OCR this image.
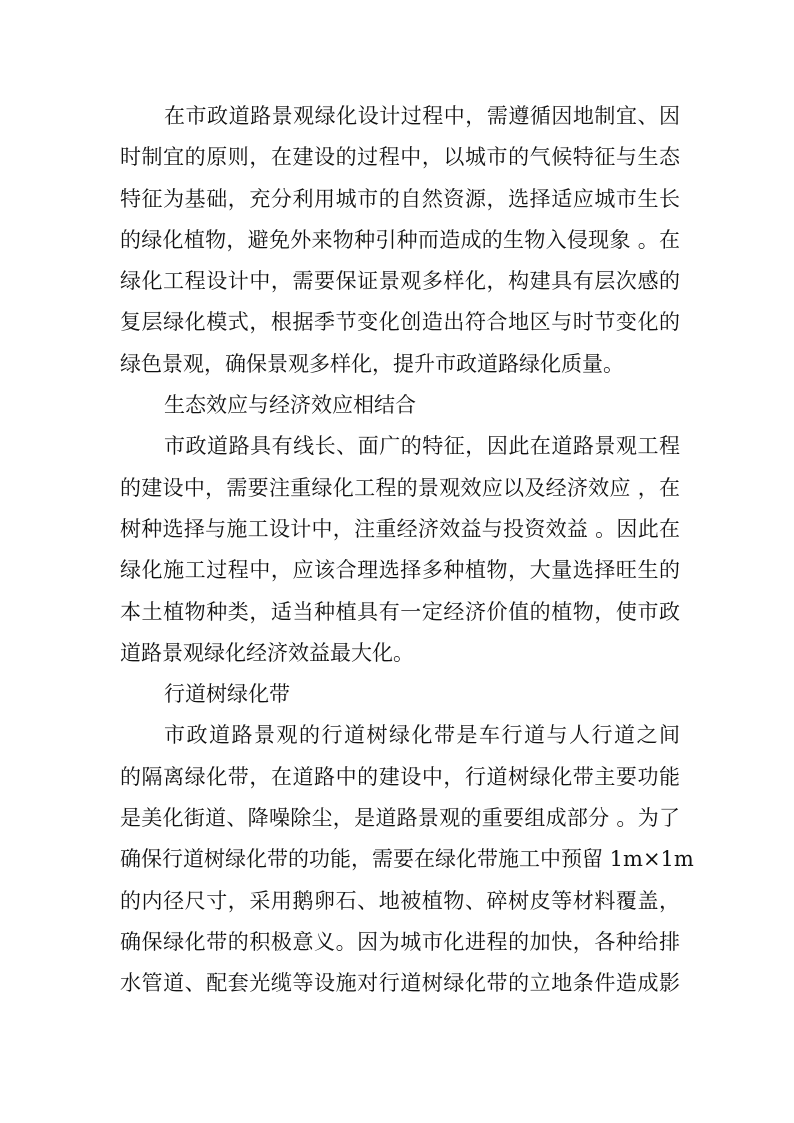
在市政道路景观绿化设计过程中，需遵循因地制宜、因
时制宜的原则，在建设的过程中，以城市的气候特征与生态
特征为基础，充分利用城市的自然资源，选择适应城市生长
的绿化植物，避免外来物种引种而造成的生物入侵现象 。在
绿化工程设计中，需要保证景观多样化，构建具有层次感的
复层绿化模式，根据季节变化创造出符合地区与时节变化的
绿色景观，确保景观多样化，提升市政道路绿化质量。
生态效应与经济效应相结合
市政道路具有线长、面广的特征，因此在道路景观工程
的建设中，需要注重绿化工程的景观效应以及经济效应 ，在
树种选择与施工设计中，注重经济效益与投资效益 。因此在
绿化施工过程中，应该合理选择多种植物，大量选择旺生的
本土植物种类，适当种植具有一定经济价值的植物，使市政
道路景观绿化经济效益最大化。
行道树绿化带
市政道路景观的行道树绿化带是车行道与人行道之间
的隔离绿化带，在道路中的建设中，行道树绿化带主要功能
是美化街道、降噪除尘，是道路景观的重要组成部分 。为了
确保行道树绿化带的功能，需要在绿化带施工中预留 1m×1m
的内径尺寸，采用鹅卵石、地被植物、碎树皮等材料覆盖，
确保绿化带的积极意义。因为城市化进程的加快，各种给排
水管道、配套光缆等设施对行道树绿化带的立地条件造成影
